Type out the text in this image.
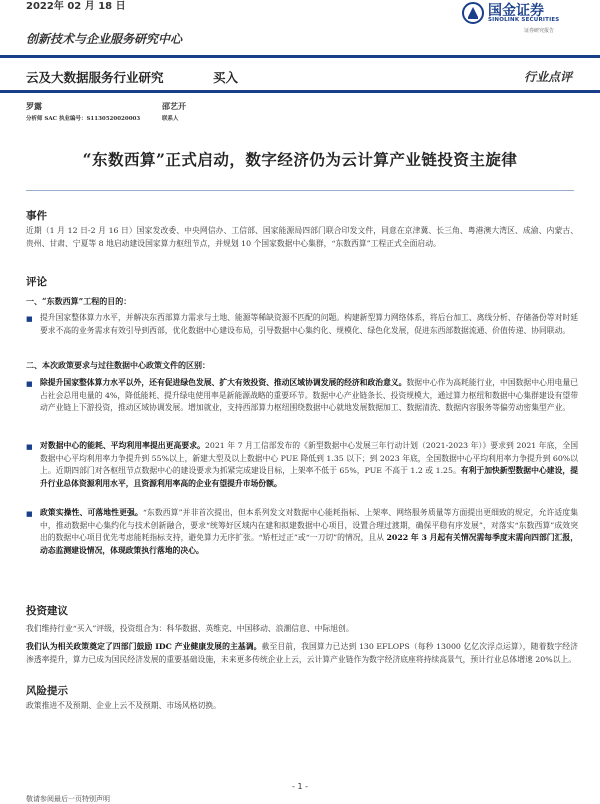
2022年 02 月 18 日	国金证券
SINOLINK SECURITIES
证券研究报告
创新技术与企业服务研究中心
云及大数据服务行业研究	买入	行业点评
罗露
分析师 SAC 执业编号：S1130520020003
邵艺开
联系人
“东数西算”正式启动，数字经济仍为云计算产业链投资主旋律
事件
近期（1 月 12 日-2 月 16 日）国家发改委、中央网信办、工信部、国家能源局四部门联合印发文件，同意在京津冀、长三角、粤港澳大湾区、成渝、内蒙古、贵州、甘肃、宁夏等 8 地启动建设国家算力枢纽节点，并规划 10 个国家数据中心集群，“东数西算”工程正式全面启动。
评论
一、“东数西算”工程的目的：
■ 提升国家整体算力水平，并解决东西部算力需求与土地、能源等稀缺资源不匹配的问题。构建新型算力网络体系，将后台加工、离线分析、存储备份等对时延要求不高的业务需求有效引导到西部，优化数据中心建设布局，引导数据中心集约化、规模化、绿色化发展，促进东西部数据流通、价值传递、协同联动。
二、本次政策要求与过往数据中心政策文件的区别：
■ 除提升国家整体算力水平以外，还有促进绿色发展、扩大有效投资、推动区域协调发展的经济和政治意义。数据中心作为高耗能行业，中国数据中心用电量已占社会总用电量的 4%，降低能耗、提升绿电使用率是新能源战略的重要环节。数据中心产业链条长、投资规模大，通过算力枢纽和数据中心集群建设有望带动产业链上下游投资，推动区域协调发展。增加就业，支持西部算力枢纽围绕数据中心就地发展数据加工、数据清洗、数据内容服务等偏劳动密集型产业。
■ 对数据中心的能耗、平均利用率提出更高要求。2021 年 7 月工信部发布的《新型数据中心发展三年行动计划（2021-2023 年）》要求到 2021 年底，全国数据中心平均利用率力争提升到 55%以上，新建大型及以上数据中心 PUE 降低到 1.35 以下；到 2023 年底，全国数据中心平均利用率力争提升到 60%以上。近期四部门对各枢纽节点数据中心的建设要求为抓紧完成建设目标，上架率不低于 65%，PUE 不高于 1.2 或 1.25。有利于加快新型数据中心建设，提升行业总体资源利用水平，且资源利用率高的企业有望提升市场份额。
■ 政策实操性、可落地性更强。“东数西算”并非首次提出，但本系列发文对数据中心能耗指标、上架率、网络服务质量等方面提出更细致的规定，允许适度集中，推动数据中心集约化与技术创新融合，要求“统筹好区域内在建和拟建数据中心项目，设置合理过渡期，确保平稳有序发展”，对落实“东数西算”成效突出的数据中心项目优先考虑能耗指标支持，避免算力无序扩张。“矫枉过正”或“一刀切”的情况，且从 2022 年 3 月起有关情况需每季度末需向四部门汇报，动态监测建设情况，体现政策执行落地的决心。
投资建议
我们维持行业“买入”评级，投资组合为：科华数据、英维克、中国移动、浪潮信息、中际旭创。
我们认为相关政策奠定了四部门鼓励 IDC 产业健康发展的主基调。截至目前，我国算力已达到 130 EFLOPS（每秒 13000 亿亿次浮点运算），随着数字经济渗透率提升，算力已成为国民经济发展的重要基础设施，未来更多传统企业上云，云计算产业链作为数字经济底座将持续高景气，预计行业总体增速 20%以上。
风险提示
政策推进不及预期、企业上云不及预期、市场风格切换。
- 1 -
敬请参阅最后一页特别声明
